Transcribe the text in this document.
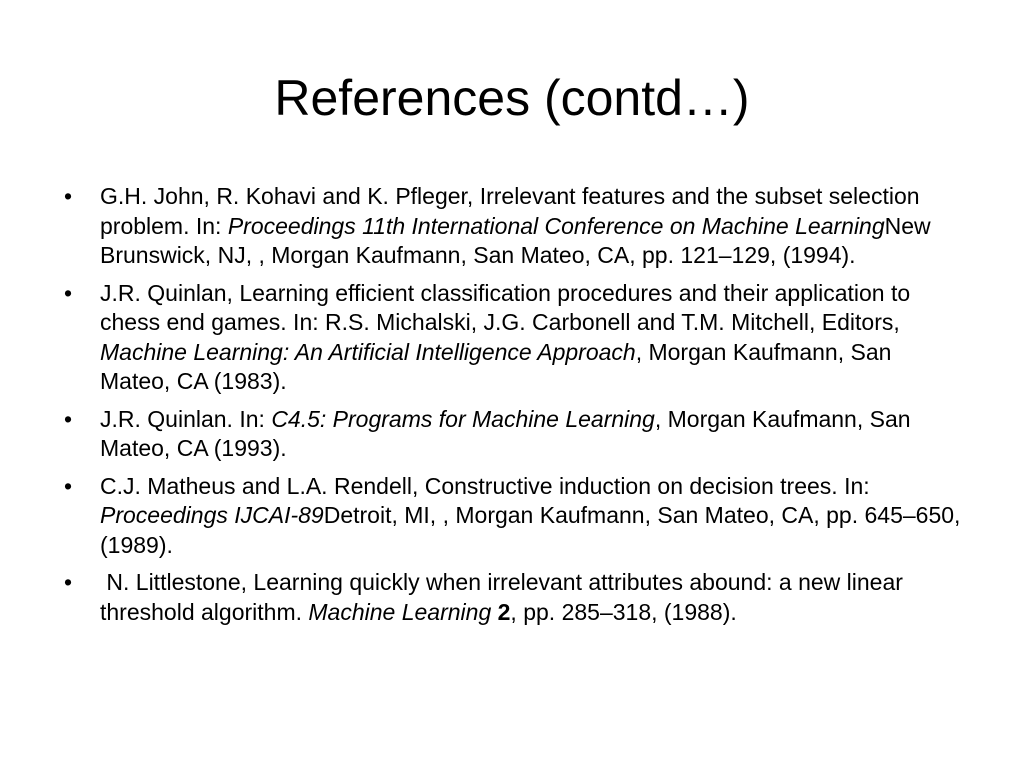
References (contd…)
• G.H. John, R. Kohavi and K. Pfleger, Irrelevant features and the subset selection problem. In: Proceedings 11th International Conference on Machine LearningNew Brunswick, NJ, , Morgan Kaufmann, San Mateo, CA, pp. 121–129, (1994).
• J.R. Quinlan, Learning efficient classification procedures and their application to chess end games. In: R.S. Michalski, J.G. Carbonell and T.M. Mitchell, Editors, Machine Learning: An Artificial Intelligence Approach, Morgan Kaufmann, San Mateo, CA (1983).
• J.R. Quinlan. In: C4.5: Programs for Machine Learning, Morgan Kaufmann, San Mateo, CA (1993).
• C.J. Matheus and L.A. Rendell, Constructive induction on decision trees. In: Proceedings IJCAI-89Detroit, MI, , Morgan Kaufmann, San Mateo, CA, pp. 645–650, (1989).
• N. Littlestone, Learning quickly when irrelevant attributes abound: a new linear threshold algorithm. Machine Learning 2, pp. 285–318, (1988).
